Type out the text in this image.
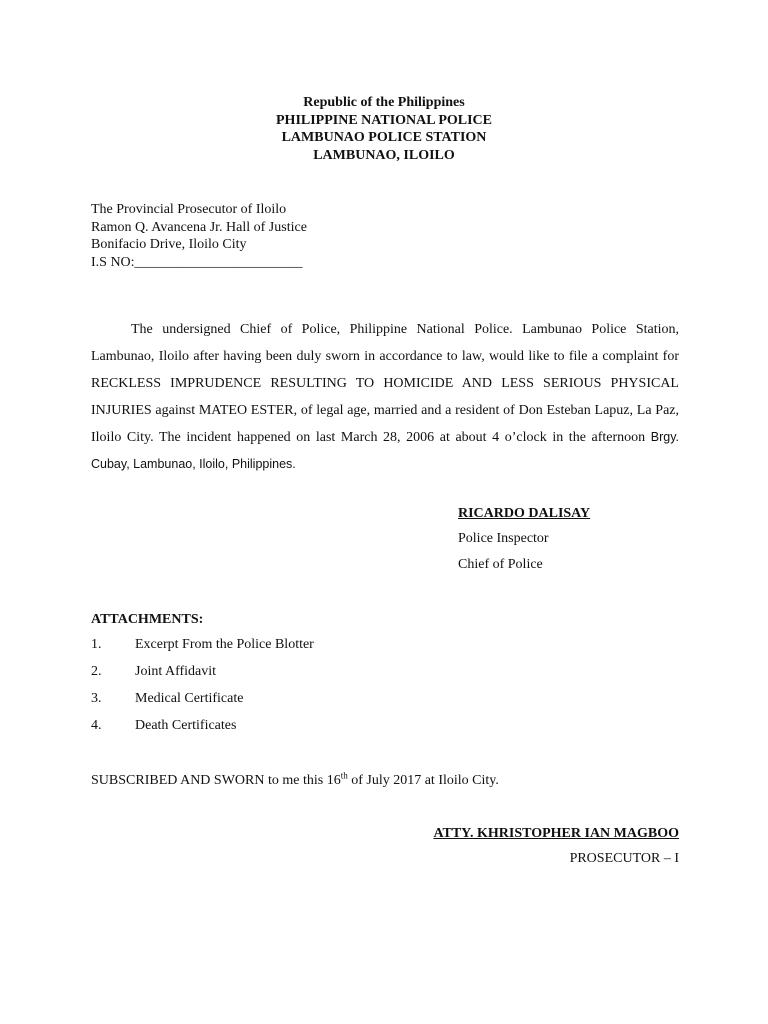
Republic of the Philippines
PHILIPPINE NATIONAL POLICE
LAMBUNAO POLICE STATION
LAMBUNAO, ILOILO
The Provincial Prosecutor of Iloilo
Ramon Q. Avancena Jr. Hall of Justice
Bonifacio Drive, Iloilo City
I.S NO:________________________

The undersigned Chief of Police, Philippine National Police. Lambunao Police Station, Lambunao, Iloilo after having been duly sworn in accordance to law, would like to file a complaint for RECKLESS IMPRUDENCE RESULTING TO HOMICIDE AND LESS SERIOUS PHYSICAL INJURIES against MATEO ESTER, of legal age, married and a resident of Don Esteban Lapuz, La Paz, Iloilo City. The incident happened on last March 28, 2006 at about 4 o’clock in the afternoon Brgy. Cubay, Lambunao, Iloilo, Philippines.

RICARDO DALISAY
Police Inspector
Chief of Police
ATTACHMENTS:
1.	Excerpt From the Police Blotter
2.	Joint Affidavit
3.	Medical Certificate
4.	Death Certificates
SUBSCRIBED AND SWORN to me this 16th of July 2017 at Iloilo City.
ATTY. KHRISTOPHER IAN MAGBOO
PROSECUTOR – I
